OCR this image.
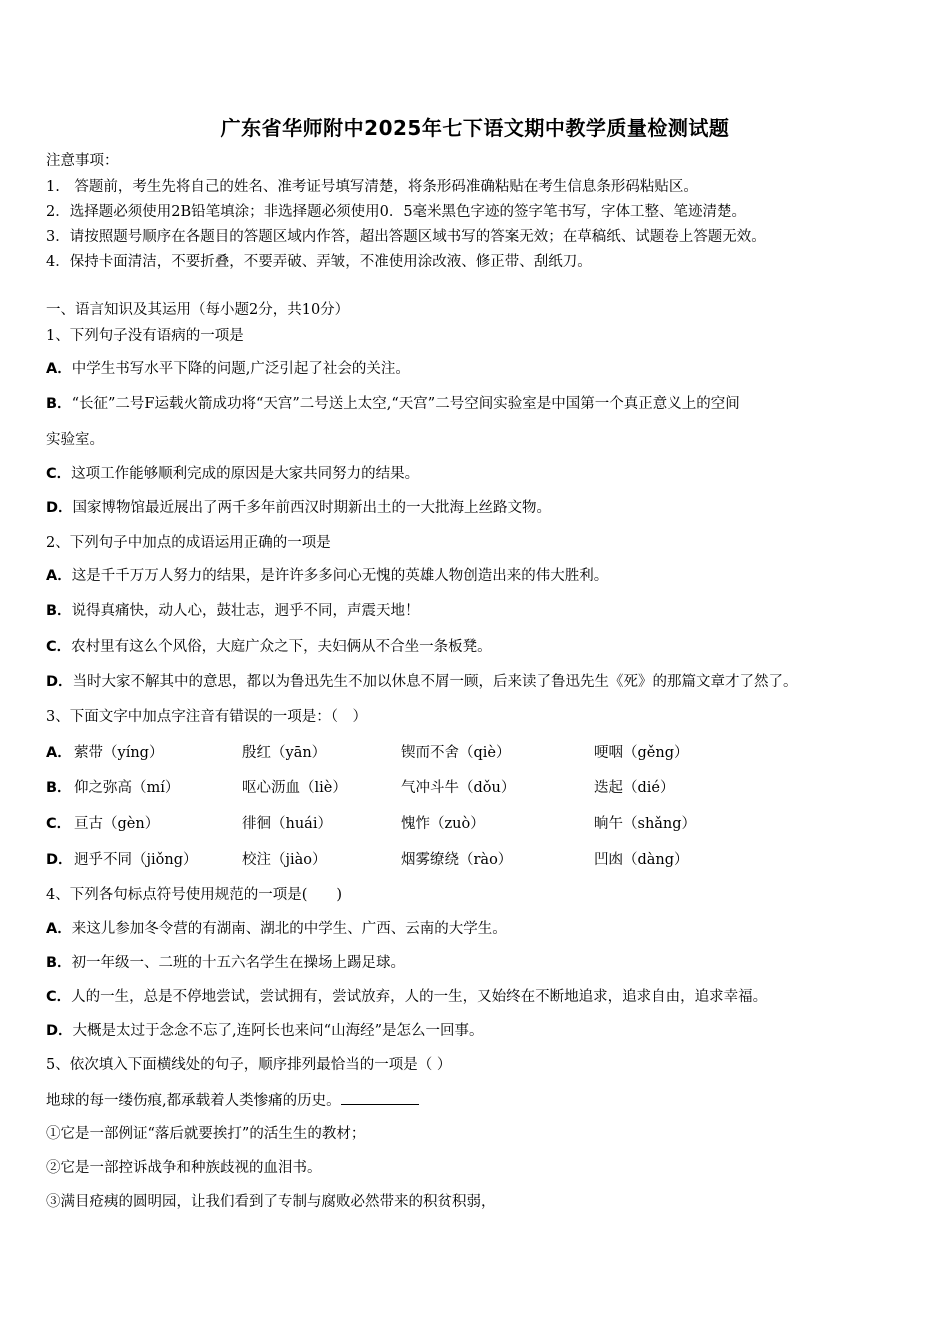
广东省华师附中2025年七下语文期中教学质量检测试题
注意事项：
1.　答题前，考生先将自己的姓名、准考证号填写清楚，将条形码准确粘贴在考生信息条形码粘贴区。
2．选择题必须使用2B铅笔填涂；非选择题必须使用0．5毫米黑色字迹的签字笔书写，字体工整、笔迹清楚。
3．请按照题号顺序在各题目的答题区域内作答，超出答题区域书写的答案无效；在草稿纸、试题卷上答题无效。
4．保持卡面清洁，不要折叠，不要弄破、弄皱，不准使用涂改液、修正带、刮纸刀。
一、语言知识及其运用（每小题2分，共10分）
1、下列句子没有语病的一项是
A．中学生书写水平下降的问题,广泛引起了社会的关注。
B．“长征”二号F运载火箭成功将“天宫”二号送上太空,“天宫”二号空间实验室是中国第一个真正意义上的空间
实验室。
C．这项工作能够顺利完成的原因是大家共同努力的结果。
D．国家博物馆最近展出了两千多年前西汉时期新出土的一大批海上丝路文物。
2、下列句子中加点的成语运用正确的一项是
A．这是千千万万人努力的结果，是许许多多问心无愧的英雄人物创造出来的伟大胜利。
B．说得真痛快，动人心，鼓壮志，迥乎不同，声震天地！
C．农村里有这么个风俗，大庭广众之下，夫妇俩从不合坐一条板凳。
D．当时大家不解其中的意思，都以为鲁迅先生不加以休息不屑一顾，后来读了鲁迅先生《死》的那篇文章才了然了。
3、下面文字中加点字注音有错误的一项是：（　）
A． 萦带（yíng）	殷红（yān）	锲而不舍（qiè）	哽咽（gěng）
B． 仰之弥高（mí）	呕心沥血（liè）	气冲斗牛（dǒu）	迭起（dié）
C． 亘古（gèn）	徘徊（huái）	愧怍（zuò）	晌午（shǎng）
D． 迥乎不同（jiǒng）	校注（jiào）	烟雾缭绕（rào）	凹凼（dàng）
4、下列各句标点符号使用规范的一项是(　　)
A．来这儿参加冬令营的有湖南、湖北的中学生、广西、云南的大学生。
B．初一年级一、二班的十五六名学生在操场上踢足球。
C．人的一生，总是不停地尝试，尝试拥有，尝试放弃，人的一生，又始终在不断地追求，追求自由，追求幸福。
D．大概是太过于念念不忘了,连阿长也来问“山海经”是怎么一回事。
5、依次填入下面横线处的句子，顺序排列最恰当的一项是（ ）
地球的每一缕伤痕,都承载着人类惨痛的历史。
①它是一部例证“落后就要挨打”的活生生的教材；
②它是一部控诉战争和种族歧视的血泪书。
③满目疮痍的圆明园，让我们看到了专制与腐败必然带来的积贫积弱，
